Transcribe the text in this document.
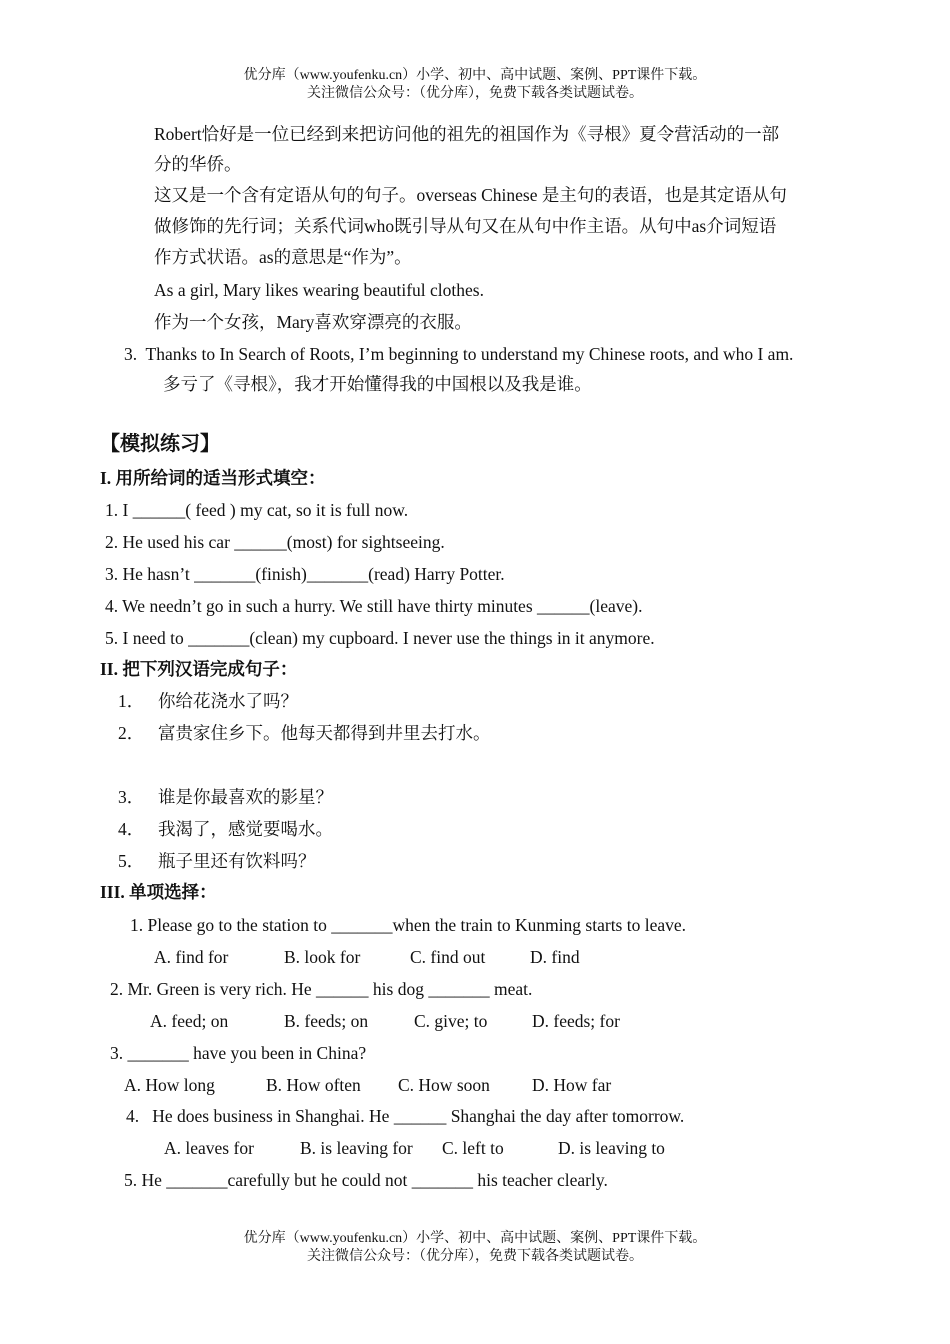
优分库（www.youfenku.cn）小学、初中、高中试题、案例、PPT课件下载。
关注微信公众号：（优分库），免费下载各类试题试卷。
Robert恰好是一位已经到来把访问他的祖先的祖国作为《寻根》夏令营活动的一部
分的华侨。
这又是一个含有定语从句的句子。overseas Chinese 是主句的表语，也是其定语从句
做修饰的先行词；关系代词who既引导从句又在从句中作主语。从句中as介词短语
作方式状语。as的意思是“作为”。
As a girl, Mary likes wearing beautiful clothes.
作为一个女孩，Mary喜欢穿漂亮的衣服。
3.  Thanks to In Search of Roots, I’m beginning to understand my Chinese roots, and who I am.
多亏了《寻根》，我才开始懂得我的中国根以及我是谁。
【模拟练习】
I. 用所给词的适当形式填空：
1. I ______( feed ) my cat, so it is full now.
2. He used his car ______(most) for sightseeing.
3. He hasn’t _______(finish)_______(read) Harry Potter.
4. We needn’t go in such a hurry. We still have thirty minutes ______(leave).
5. I need to _______(clean) my cupboard. I never use the things in it anymore.
II. 把下列汉语完成句子：
1． 你给花浇水了吗？
2． 富贵家住乡下。他每天都得到井里去打水。
3． 谁是你最喜欢的影星？
4． 我渴了，感觉要喝水。
5． 瓶子里还有饮料吗？
III. 单项选择：
1. Please go to the station to _______when the train to Kunming starts to leave.
A. find for	B. look for	C. find out	D. find
2. Mr. Green is very rich. He ______ his dog _______ meat.
A. feed; on	B. feeds; on	C. give; to	D. feeds; for
3. _______ have you been in China?
A. How long	B. How often C. How soon D. How far
4.   He does business in Shanghai. He ______ Shanghai the day after tomorrow.
A. leaves for	B. is leaving for C. left to	D. is leaving to
5. He _______carefully but he could not _______ his teacher clearly.
优分库（www.youfenku.cn）小学、初中、高中试题、案例、PPT课件下载。
关注微信公众号：（优分库），免费下载各类试题试卷。
